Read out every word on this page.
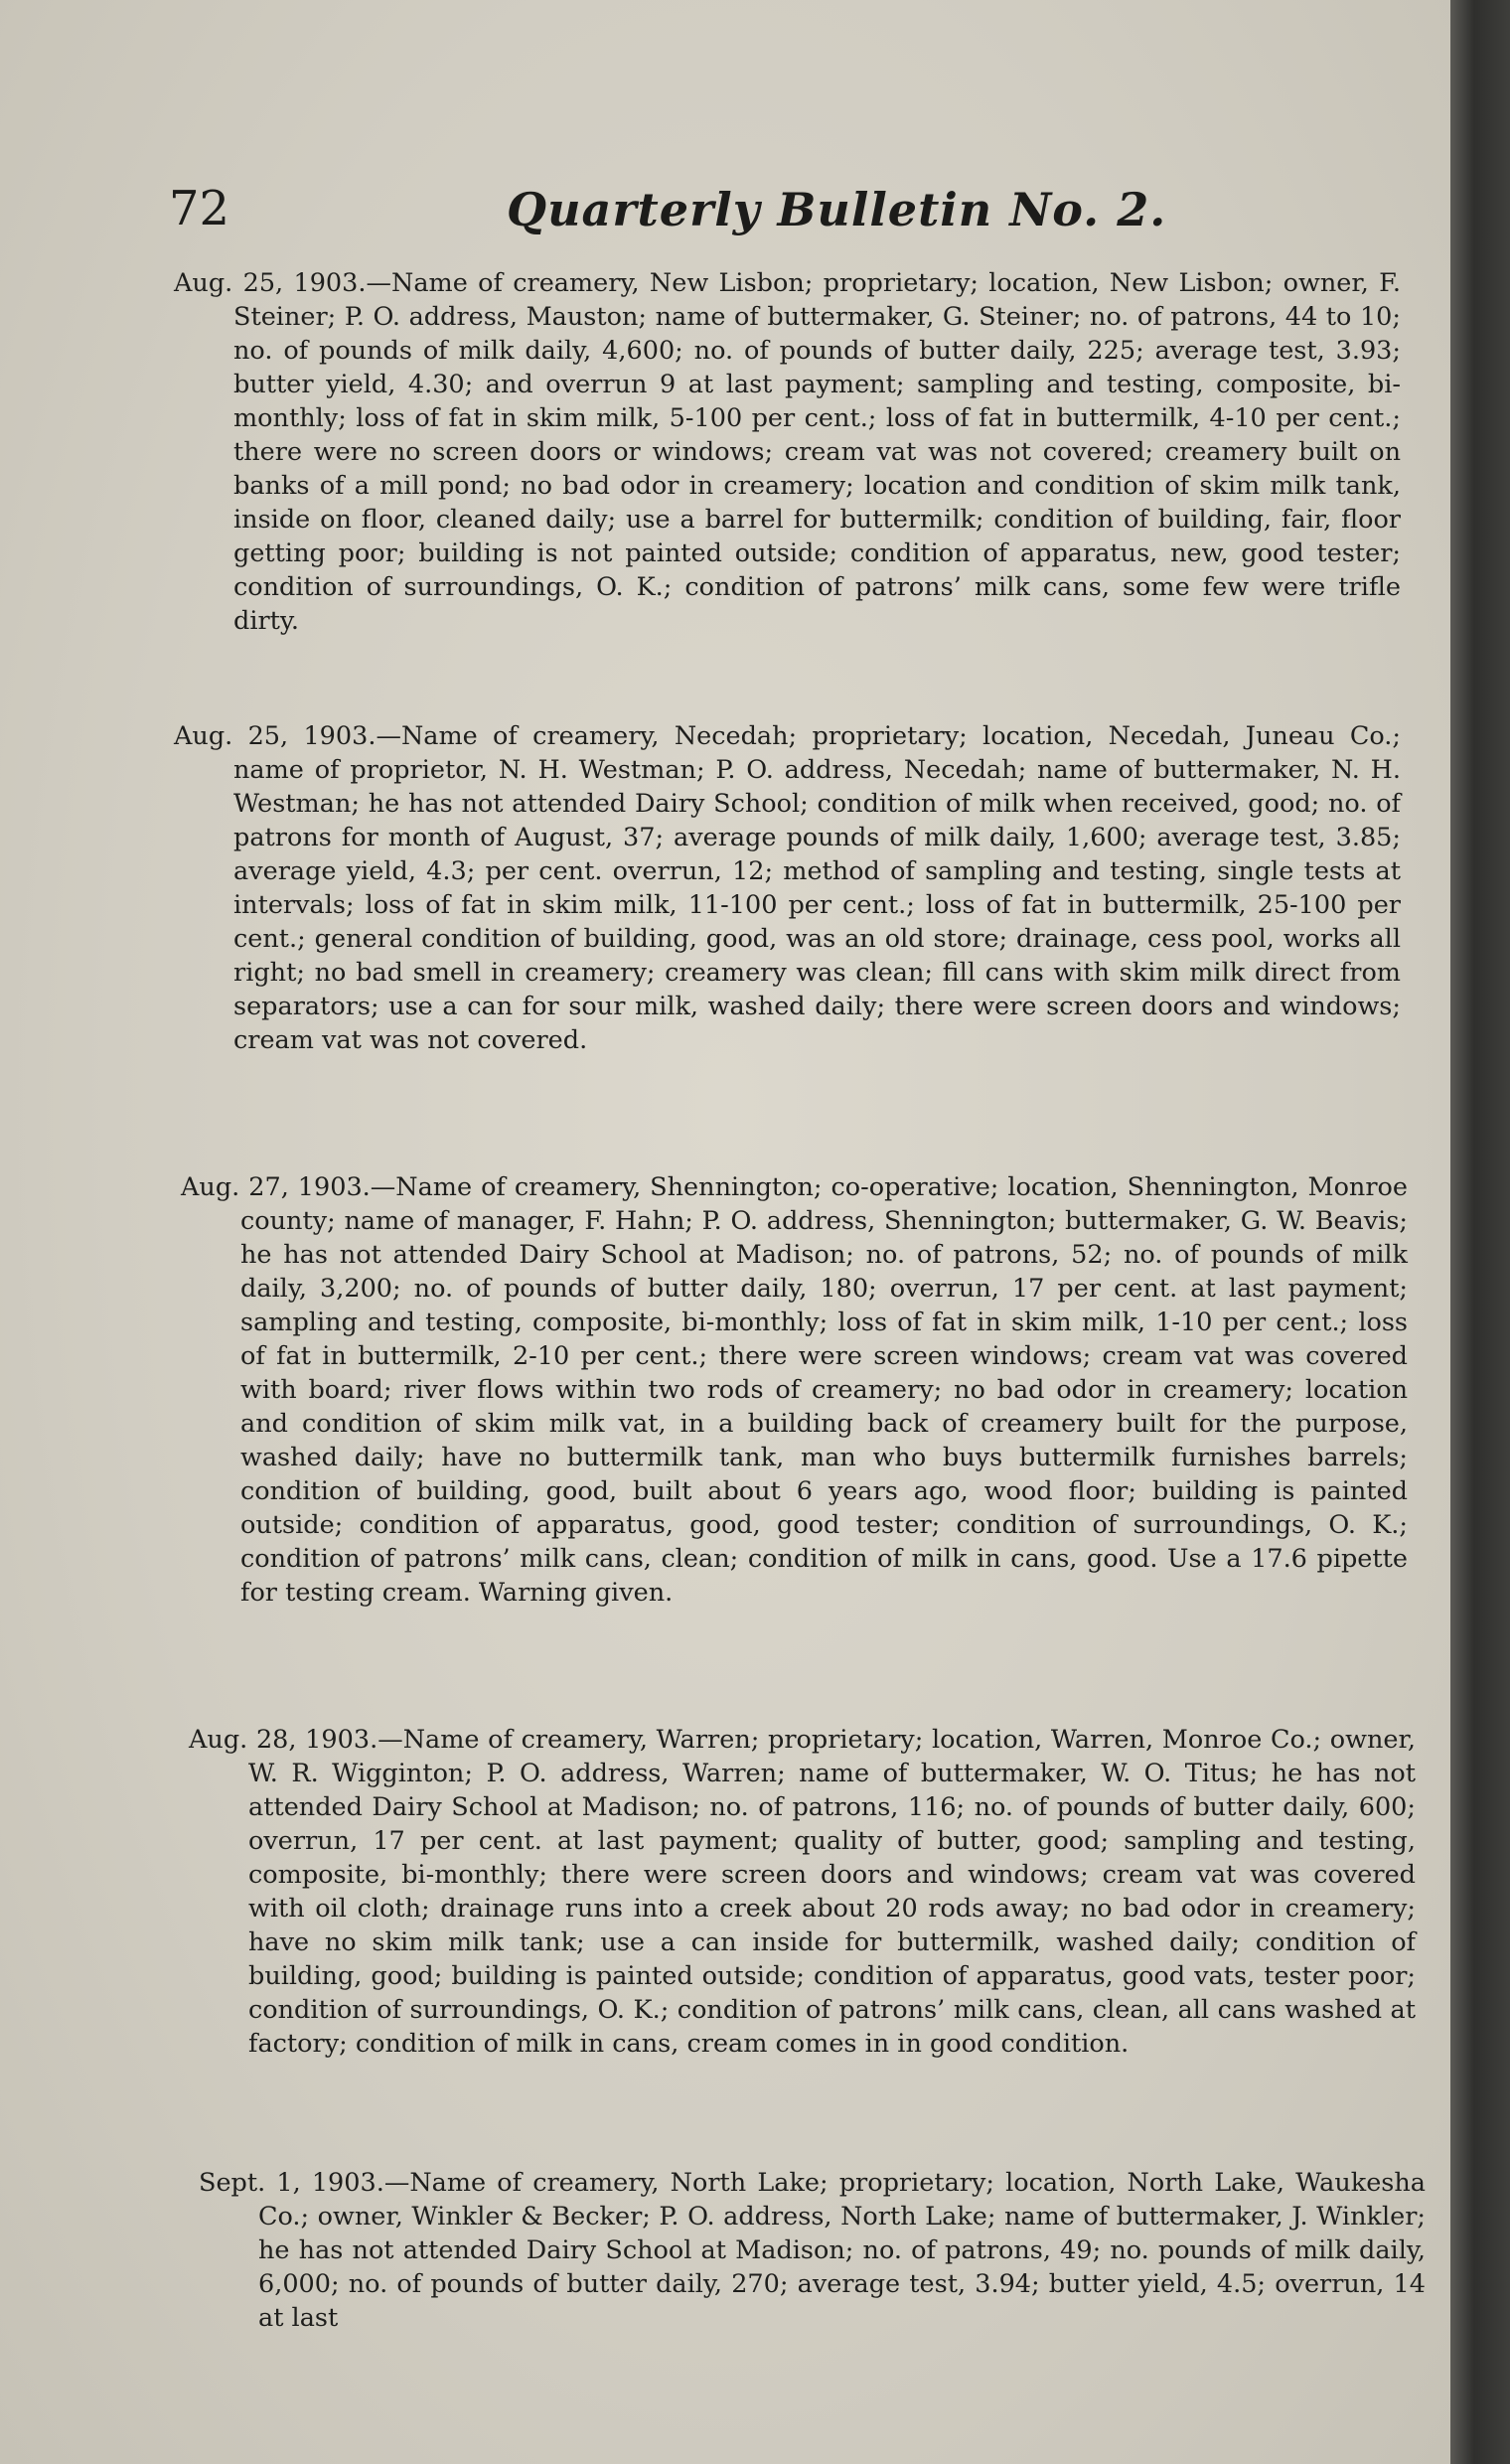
72	Quarterly Bulletin No. 2.

Aug. 25, 1903.—Name of creamery, New Lisbon; proprietary; location, New Lisbon; owner, F. Steiner; P. O. address, Mauston; name of buttermaker, G. Steiner; no. of patrons, 44 to 10; no. of pounds of milk daily, 4,600; no. of pounds of butter daily, 225; average test, 3.93; butter yield, 4.30; and overrun 9 at last payment; sampling and testing, composite, bi-monthly; loss of fat in skim milk, 5-100 per cent.; loss of fat in buttermilk, 4-10 per cent.; there were no screen doors or windows; cream vat was not covered; creamery built on banks of a mill pond; no bad odor in creamery; location and condition of skim milk tank, inside on floor, cleaned daily; use a barrel for buttermilk; condition of building, fair, floor getting poor; building is not painted outside; condition of apparatus, new, good tester; condition of surroundings, O. K.; condition of patrons’ milk cans, some few were trifle dirty.

Aug. 25, 1903.—Name of creamery, Necedah; proprietary; location, Necedah, Juneau Co.; name of proprietor, N. H. Westman; P. O. address, Necedah; name of buttermaker, N. H. Westman; he has not attended Dairy School; condition of milk when received, good; no. of patrons for month of August, 37; average pounds of milk daily, 1,600; average test, 3.85; average yield, 4.3; per cent. overrun, 12; method of sampling and testing, single tests at intervals; loss of fat in skim milk, 11-100 per cent.; loss of fat in buttermilk, 25-100 per cent.; general condition of building, good, was an old store; drainage, cess pool, works all right; no bad smell in creamery; creamery was clean; fill cans with skim milk direct from separators; use a can for sour milk, washed daily; there were screen doors and windows; cream vat was not covered.

Aug. 27, 1903.—Name of creamery, Shennington; co-operative; location, Shennington, Monroe county; name of manager, F. Hahn; P. O. address, Shennington; buttermaker, G. W. Beavis; he has not attended Dairy School at Madison; no. of patrons, 52; no. of pounds of milk daily, 3,200; no. of pounds of butter daily, 180; overrun, 17 per cent. at last payment; sampling and testing, composite, bi-monthly; loss of fat in skim milk, 1-10 per cent.; loss of fat in buttermilk, 2-10 per cent.; there were screen windows; cream vat was covered with board; river flows within two rods of creamery; no bad odor in creamery; location and condition of skim milk vat, in a building back of creamery built for the purpose, washed daily; have no buttermilk tank, man who buys buttermilk furnishes barrels; condition of building, good, built about 6 years ago, wood floor; building is painted outside; condition of apparatus, good, good tester; condition of surroundings, O. K.; condition of patrons’ milk cans, clean; condition of milk in cans, good. Use a 17.6 pipette for testing cream. Warning given.

Aug. 28, 1903.—Name of creamery, Warren; proprietary; location, Warren, Monroe Co.; owner, W. R. Wigginton; P. O. address, Warren; name of buttermaker, W. O. Titus; he has not attended Dairy School at Madison; no. of patrons, 116; no. of pounds of butter daily, 600; overrun, 17 per cent. at last payment; quality of butter, good; sampling and testing, composite, bi-monthly; there were screen doors and windows; cream vat was covered with oil cloth; drainage runs into a creek about 20 rods away; no bad odor in creamery; have no skim milk tank; use a can inside for buttermilk, washed daily; condition of building, good; building is painted outside; condition of apparatus, good vats, tester poor; condition of surroundings, O. K.; condition of patrons’ milk cans, clean, all cans washed at factory; condition of milk in cans, cream comes in in good condition.

Sept. 1, 1903.—Name of creamery, North Lake; proprietary; location, North Lake, Waukesha Co.; owner, Winkler & Becker; P. O. address, North Lake; name of buttermaker, J. Winkler; he has not attended Dairy School at Madison; no. of patrons, 49; no. pounds of milk daily, 6,000; no. of pounds of butter daily, 270; average test, 3.94; butter yield, 4.5; overrun, 14 at last
